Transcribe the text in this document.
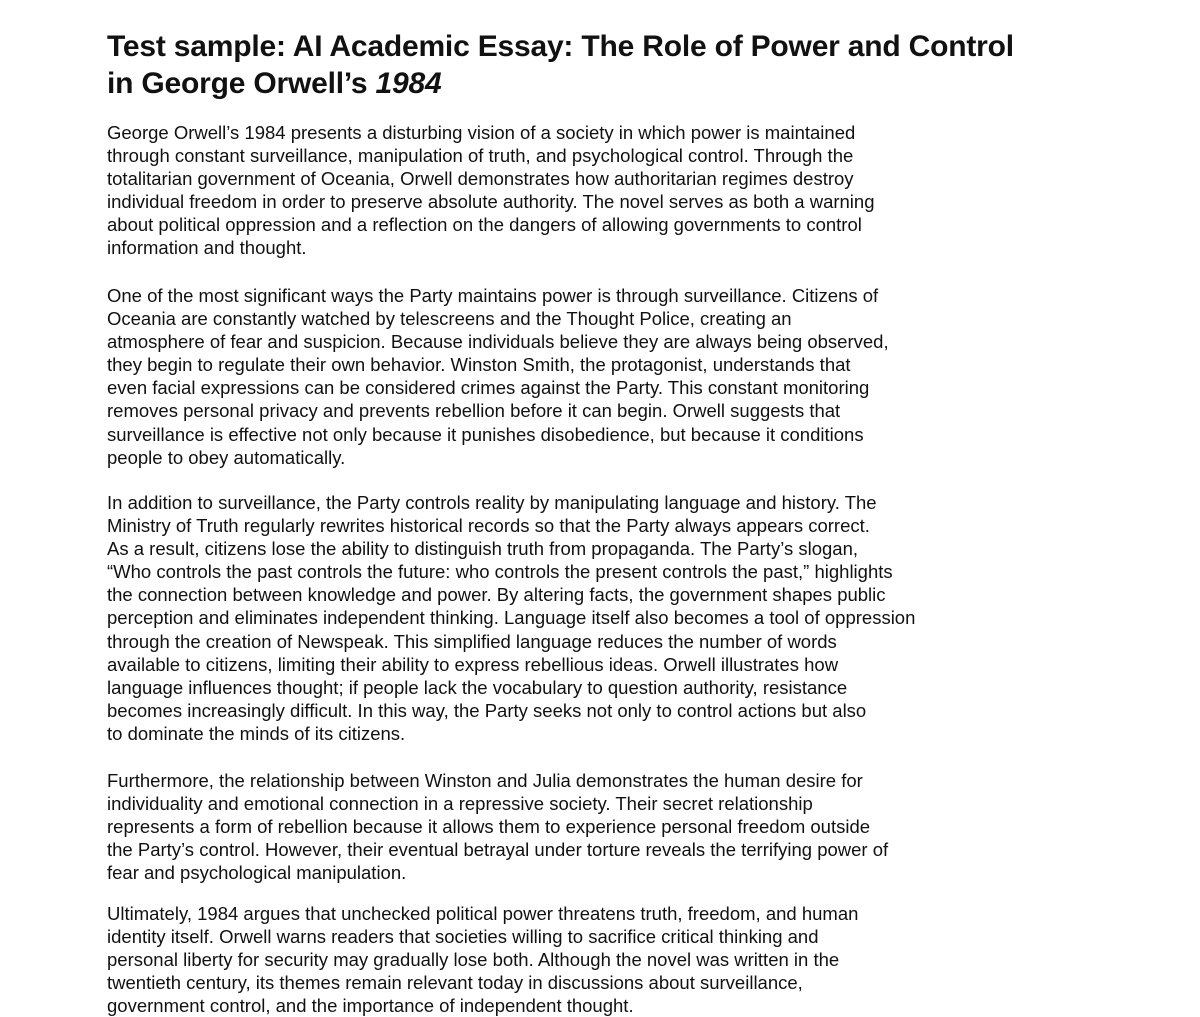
Test sample: AI Academic Essay: The Role of Power and Control
in George Orwell’s 1984

George Orwell’s 1984 presents a disturbing vision of a society in which power is maintained
through constant surveillance, manipulation of truth, and psychological control. Through the
totalitarian government of Oceania, Orwell demonstrates how authoritarian regimes destroy
individual freedom in order to preserve absolute authority. The novel serves as both a warning
about political oppression and a reflection on the dangers of allowing governments to control
information and thought.

One of the most significant ways the Party maintains power is through surveillance. Citizens of
Oceania are constantly watched by telescreens and the Thought Police, creating an
atmosphere of fear and suspicion. Because individuals believe they are always being observed,
they begin to regulate their own behavior. Winston Smith, the protagonist, understands that
even facial expressions can be considered crimes against the Party. This constant monitoring
removes personal privacy and prevents rebellion before it can begin. Orwell suggests that
surveillance is effective not only because it punishes disobedience, but because it conditions
people to obey automatically.

In addition to surveillance, the Party controls reality by manipulating language and history. The
Ministry of Truth regularly rewrites historical records so that the Party always appears correct.
As a result, citizens lose the ability to distinguish truth from propaganda. The Party’s slogan,
“Who controls the past controls the future: who controls the present controls the past,” highlights
the connection between knowledge and power. By altering facts, the government shapes public
perception and eliminates independent thinking. Language itself also becomes a tool of oppression
through the creation of Newspeak. This simplified language reduces the number of words
available to citizens, limiting their ability to express rebellious ideas. Orwell illustrates how
language influences thought; if people lack the vocabulary to question authority, resistance
becomes increasingly difficult. In this way, the Party seeks not only to control actions but also
to dominate the minds of its citizens.

Furthermore, the relationship between Winston and Julia demonstrates the human desire for
individuality and emotional connection in a repressive society. Their secret relationship
represents a form of rebellion because it allows them to experience personal freedom outside
the Party’s control. However, their eventual betrayal under torture reveals the terrifying power of
fear and psychological manipulation.

Ultimately, 1984 argues that unchecked political power threatens truth, freedom, and human
identity itself. Orwell warns readers that societies willing to sacrifice critical thinking and
personal liberty for security may gradually lose both. Although the novel was written in the
twentieth century, its themes remain relevant today in discussions about surveillance,
government control, and the importance of independent thought.
